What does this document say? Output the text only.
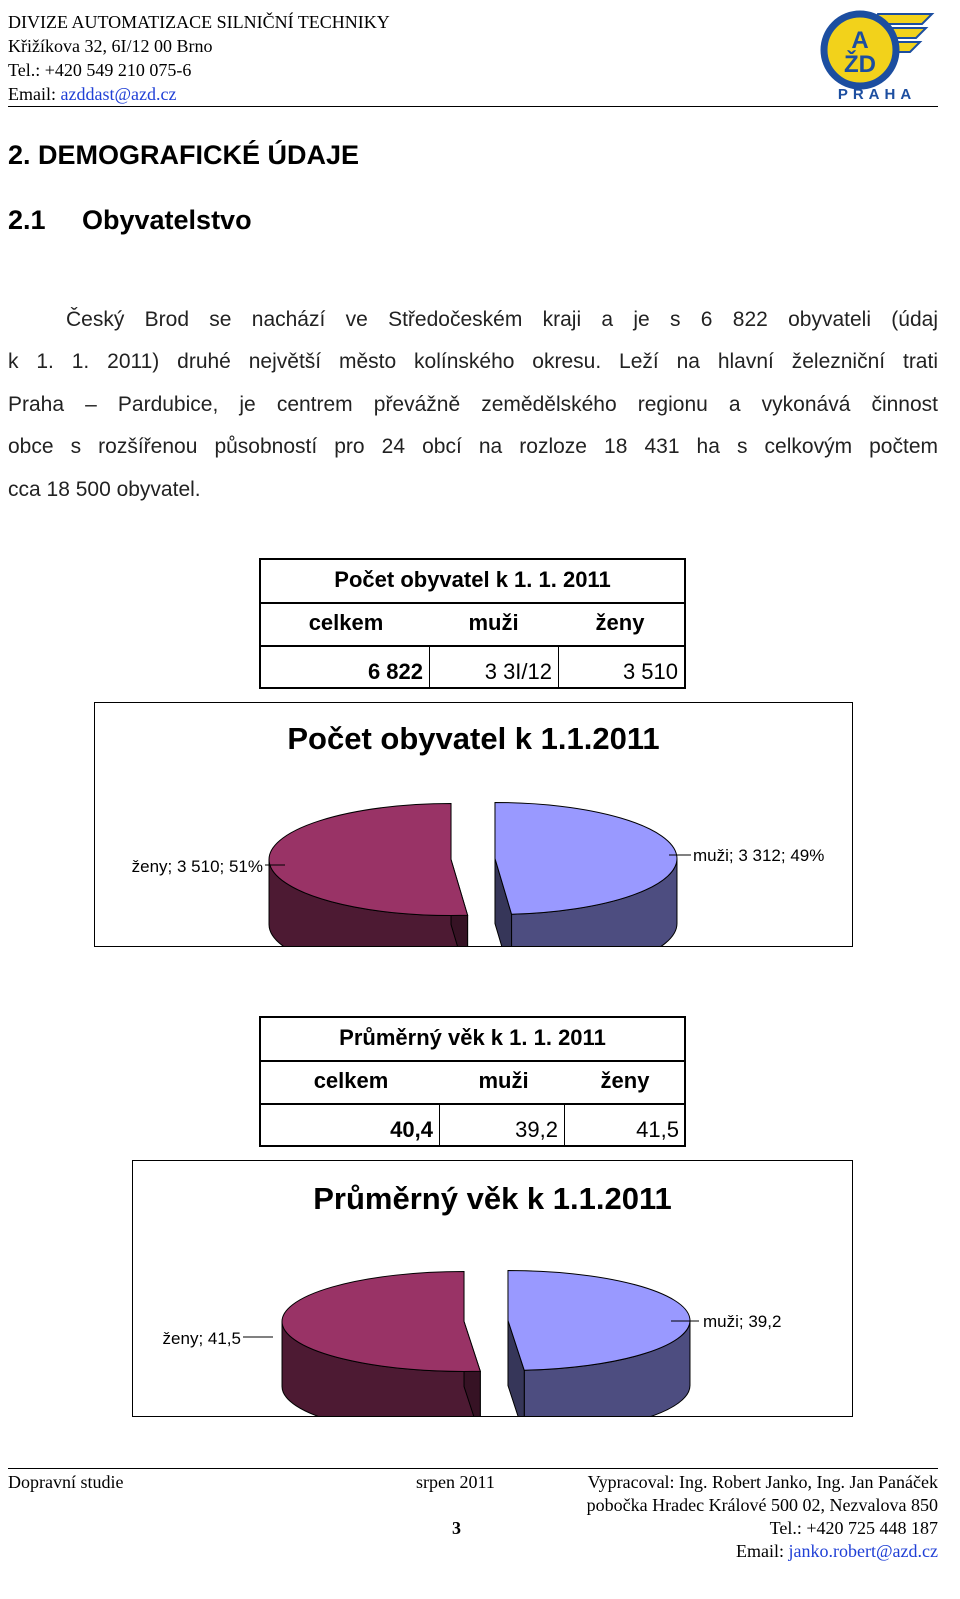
DIVIZE AUTOMATIZACE SILNIČNÍ TECHNIKY
Křižíkova 32, 6I/12 00 Brno
Tel.: +420 549 210 075-6
Email: azddast@azd.cz
A
ŽD
PRAHA
2. DEMOGRAFICKÉ ÚDAJE
2.1 Obyvatelstvo
Český Brod se nachází ve Středočeském kraji a je s 6 822 obyvateli (údaj
k 1. 1. 2011) druhé největší město kolínského okresu. Leží na hlavní železniční trati
Praha – Pardubice, je centrem převážně zemědělského regionu a vykonává činnost
obce s rozšířenou působností pro 24 obcí na rozloze 18 431 ha s celkovým počtem
cca 18 500 obyvatel.
Počet obyvatel k 1. 1. 2011
celkem	muži	ženy
6 822	3 3I/12	3 510
Počet obyvatel k 1.1.2011
ženy; 3 510; 51%
muži; 3 312; 49%
Průměrný věk k 1. 1. 2011
celkem	muži	ženy
40,4	39,2	41,5
Průměrný věk k 1.1.2011
ženy; 41,5
muži; 39,2
Dopravní studie	srpen 2011	Vypracoval: Ing. Robert Janko, Ing. Jan Panáček
pobočka Hradec Králové 500 02, Nezvalova 850
3	Tel.: +420 725 448 187
Email: janko.robert@azd.cz
